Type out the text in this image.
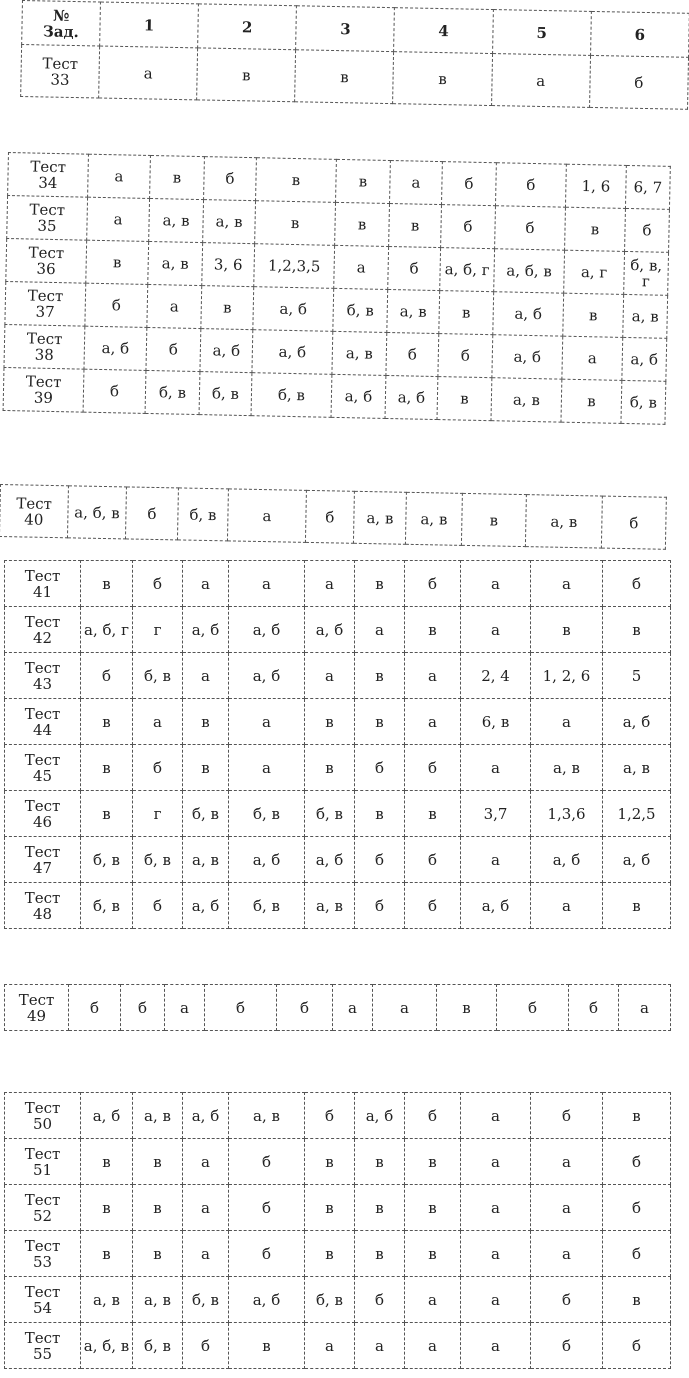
№
Зад.	1	2	3	4	5	6

Тест
33	а	в	в	в	а	б
Тест
34	а	в	б	в	в	а	б	б	1, 6	6, 7

Тест
35	а	а, в	а, в	в	в	в	б	б	в	б

Тест
36	в	а, в	3, 6	1,2,3,5	а	б	а, б, г	а, б, в	а, г	б, в, г

Тест
37	б	а	в	а, б	б, в	а, в	в	а, б	в	а, в

Тест
38	а, б	б	а, б	а, б	а, в	б	б	а, б	а	а, б

Тест
39	б	б, в	б, в	б, в	а, б	а, б	в	а, в	в	б, в
Тест
40	а, б, в	б	б, в	а	б	а, в	а, в	в	а, в	б
Тест
41	в	б	а	а	а	в	б	а	а	б

Тест
42	а, б, г	г	а, б	а, б	а, б	а	в	а	в	в

Тест
43	б	б, в	а	а, б	а	в	а	2, 4	1, 2, 6	5

Тест
44	в	а	в	а	в	в	а	6, в	а	а, б

Тест
45	в	б	в	а	в	б	б	а	а, в	а, в

Тест
46	в	г	б, в	б, в	б, в	в	в	3,7	1,3,6	1,2,5

Тест
47	б, в	б, в	а, в	а, б	а, б	б	б	а	а, б	а, б

Тест
48	б, в	б	а, б	б, в	а, в	б	б	а, б	а	в
Тест
49	б	б	а	б	б	а	а	в	б	б	а
Тест
50	а, б	а, в	а, б	а, в	б	а, б	б	а	б	в

Тест
51	в	в	а	б	в	в	в	а	а	б

Тест
52	в	в	а	б	в	в	в	а	а	б

Тест
53	в	в	а	б	в	в	в	а	а	б

Тест
54	а, в	а, в	б, в	а, б	б, в	б	а	а	б	в

Тест
55	а, б, в	б, в	б	в	а	а	а	а	б	б
